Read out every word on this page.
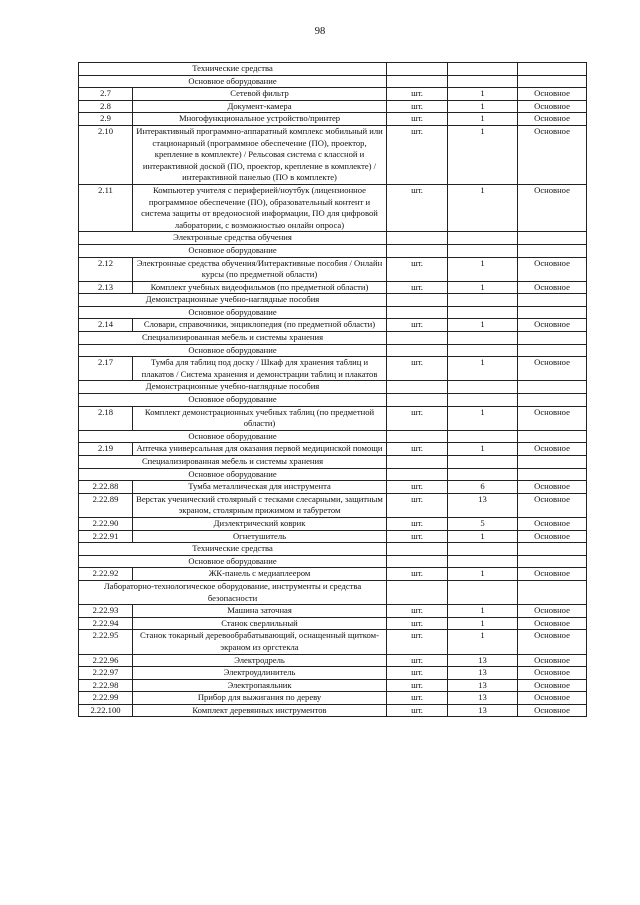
98
Технические средства				
Основное оборудование				
2.7	Сетевой фильтр	шт.	1	Основное
2.8	Документ-камера	шт.	1	Основное
2.9	Многофункциональное устройство/принтер	шт.	1	Основное
2.10	Интерактивный программно-аппаратный комплекс мобильный или стационарный (программное обеспечение (ПО), проектор, крепление в комплекте) / Рельсовая система с классной и интерактивной доской (ПО, проектор, крепление в комплекте) / интерактивной панелью (ПО в комплекте)	шт.	1	Основное
2.11	Компьютер учителя с периферией/ноутбук (лицензионное программное обеспечение (ПО), образовательный контент и система защиты от вредоносной информации, ПО для цифровой лаборатории, с возможностью онлайн опроса)	шт.	1	Основное
Электронные средства обучения				
Основное оборудование				
2.12	Электронные средства обучения/Интерактивные пособия / Онлайн курсы (по предметной области)	шт.	1	Основное
2.13	Комплект учебных видеофильмов (по предметной области)	шт.	1	Основное
Демонстрационные учебно-наглядные пособия				
Основное оборудование				
2.14	Словари, справочники, энциклопедия (по предметной области)	шт.	1	Основное
Специализированная мебель и системы хранения				
Основное оборудование				
2.17	Тумба для таблиц под доску / Шкаф для хранения таблиц и плакатов / Система хранения и демонстрации таблиц и плакатов	шт.	1	Основное
Демонстрационные учебно-наглядные пособия				
Основное оборудование				
2.18	Комплект демонстрационных учебных таблиц (по предметной области)	шт.	1	Основное
Основное оборудование				
2.19	Аптечка универсальная для оказания первой медицинской помощи	шт.	1	Основное
Специализированная мебель и системы хранения				
Основное оборудование				
2.22.88	Тумба металлическая для инструмента	шт.	6	Основное
2.22.89	Верстак ученический столярный с тесками слесарными, защитным экраном, столярным прижимом и табуретом	шт.	13	Основное
2.22.90	Диэлектрический коврик	шт.	5	Основное
2.22.91	Огнетушитель	шт.	1	Основное
Технические средства				
Основное оборудование				
2.22.92	ЖК-панель с медиаплеером	шт.	1	Основное
Лабораторно-технологическое оборудование, инструменты и средства безопасности				
2.22.93	Машина заточная	шт.	1	Основное
2.22.94	Станок сверлильный	шт.	1	Основное
2.22.95	Станок токарный деревообрабатывающий, оснащенный щитком-экраном из оргстекла	шт.	1	Основное
2.22.96	Электродрель	шт.	13	Основное
2.22.97	Электроудлинитель	шт.	13	Основное
2.22.98	Электропаяльник	шт.	13	Основное
2.22.99	Прибор для выжигания по дереву	шт.	13	Основное
2.22.100	Комплект деревянных инструментов	шт.	13	Основное
